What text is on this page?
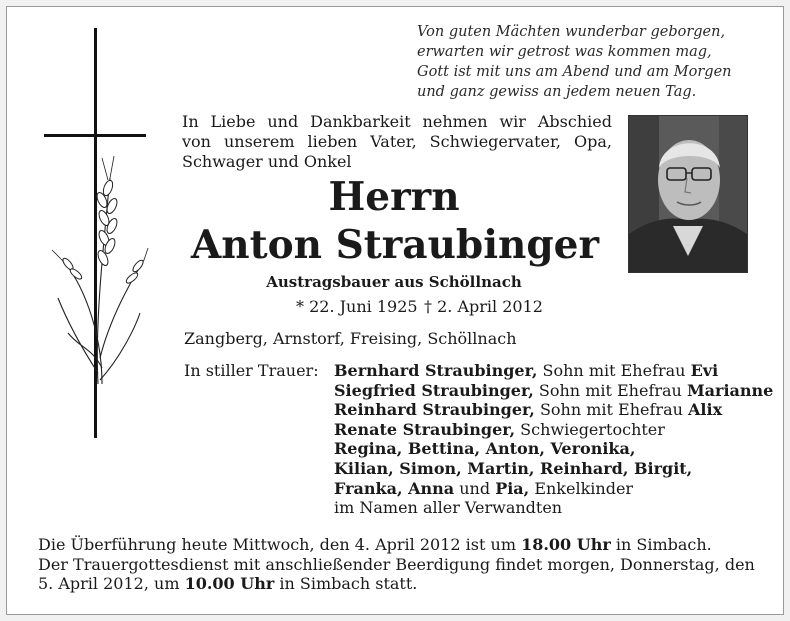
Von guten Mächten wunderbar geborgen,
erwarten wir getrost was kommen mag,
Gott ist mit uns am Abend und am Morgen
und ganz gewiss an jedem neuen Tag.
In Liebe und Dankbarkeit nehmen wir Abschied
von unserem lieben Vater, Schwiegervater, Opa,
Schwager und Onkel
Herrn
Anton Straubinger
Austragsbauer aus Schöllnach
* 22. Juni 1925 † 2. April 2012
Zangberg, Arnstorf, Freising, Schöllnach
In stiller Trauer: Bernhard Straubinger, Sohn mit Ehefrau Evi
Siegfried Straubinger, Sohn mit Ehefrau Marianne
Reinhard Straubinger, Sohn mit Ehefrau Alix
Renate Straubinger, Schwiegertochter
Regina, Bettina, Anton, Veronika,
Kilian, Simon, Martin, Reinhard, Birgit,
Franka, Anna und Pia, Enkelkinder
im Namen aller Verwandten
Die Überführung heute Mittwoch, den 4. April 2012 ist um 18.00 Uhr in Simbach.
Der Trauergottesdienst mit anschließender Beerdigung findet morgen, Donnerstag, den
5. April 2012, um 10.00 Uhr in Simbach statt.
